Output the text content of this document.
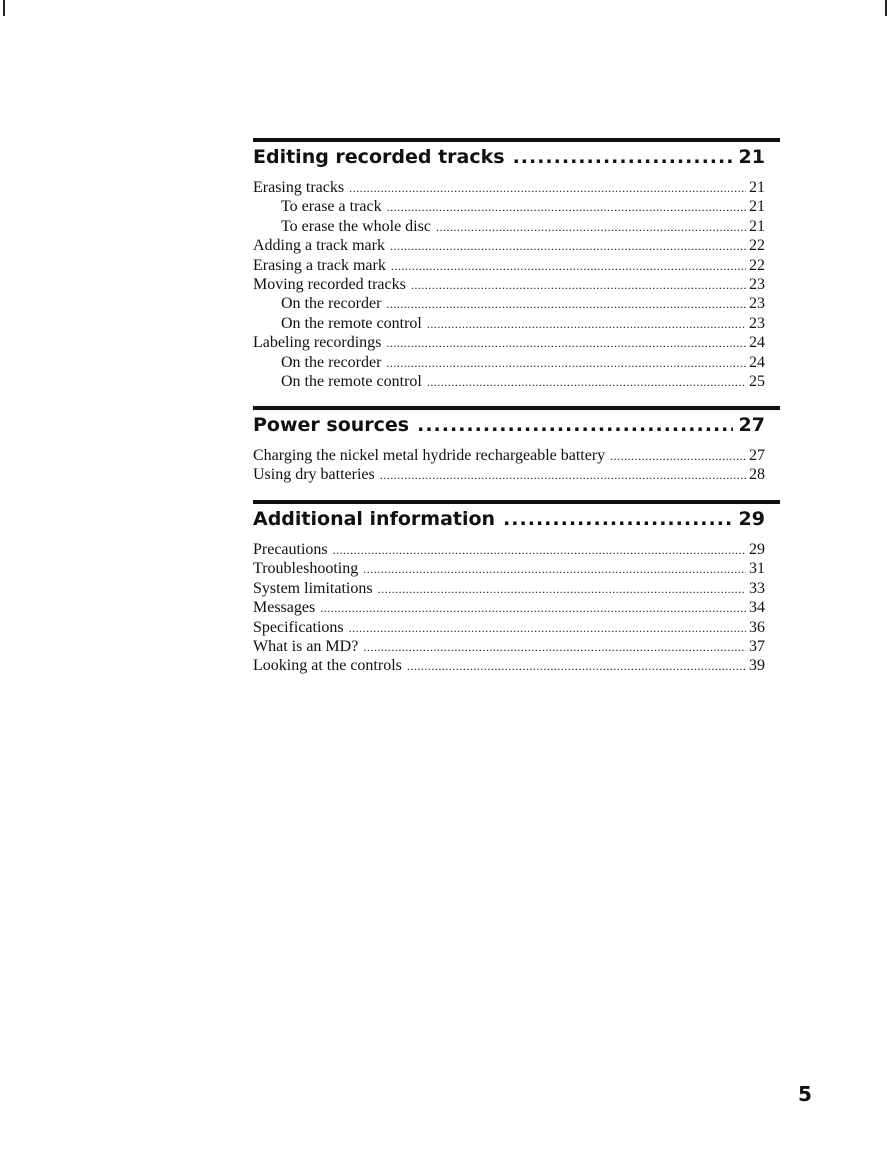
Editing recorded tracks .....	21
Erasing tracks .....	21
To erase a track .....	21
To erase the whole disc .....	21
Adding a track mark .....	22
Erasing a track mark .....	22
Moving recorded tracks .....	23
On the recorder .....	23
On the remote control .....	23
Labeling recordings .....	24
On the recorder .....	24
On the remote control .....	25
Power sources .....	27
Charging the nickel metal hydride rechargeable battery .....	27
Using dry batteries .....	28
Additional information .....	29
Precautions .....	29
Troubleshooting .....	31
System limitations .....	33
Messages .....	34
Specifications .....	36
What is an MD? .....	37
Looking at the controls .....	39
5
